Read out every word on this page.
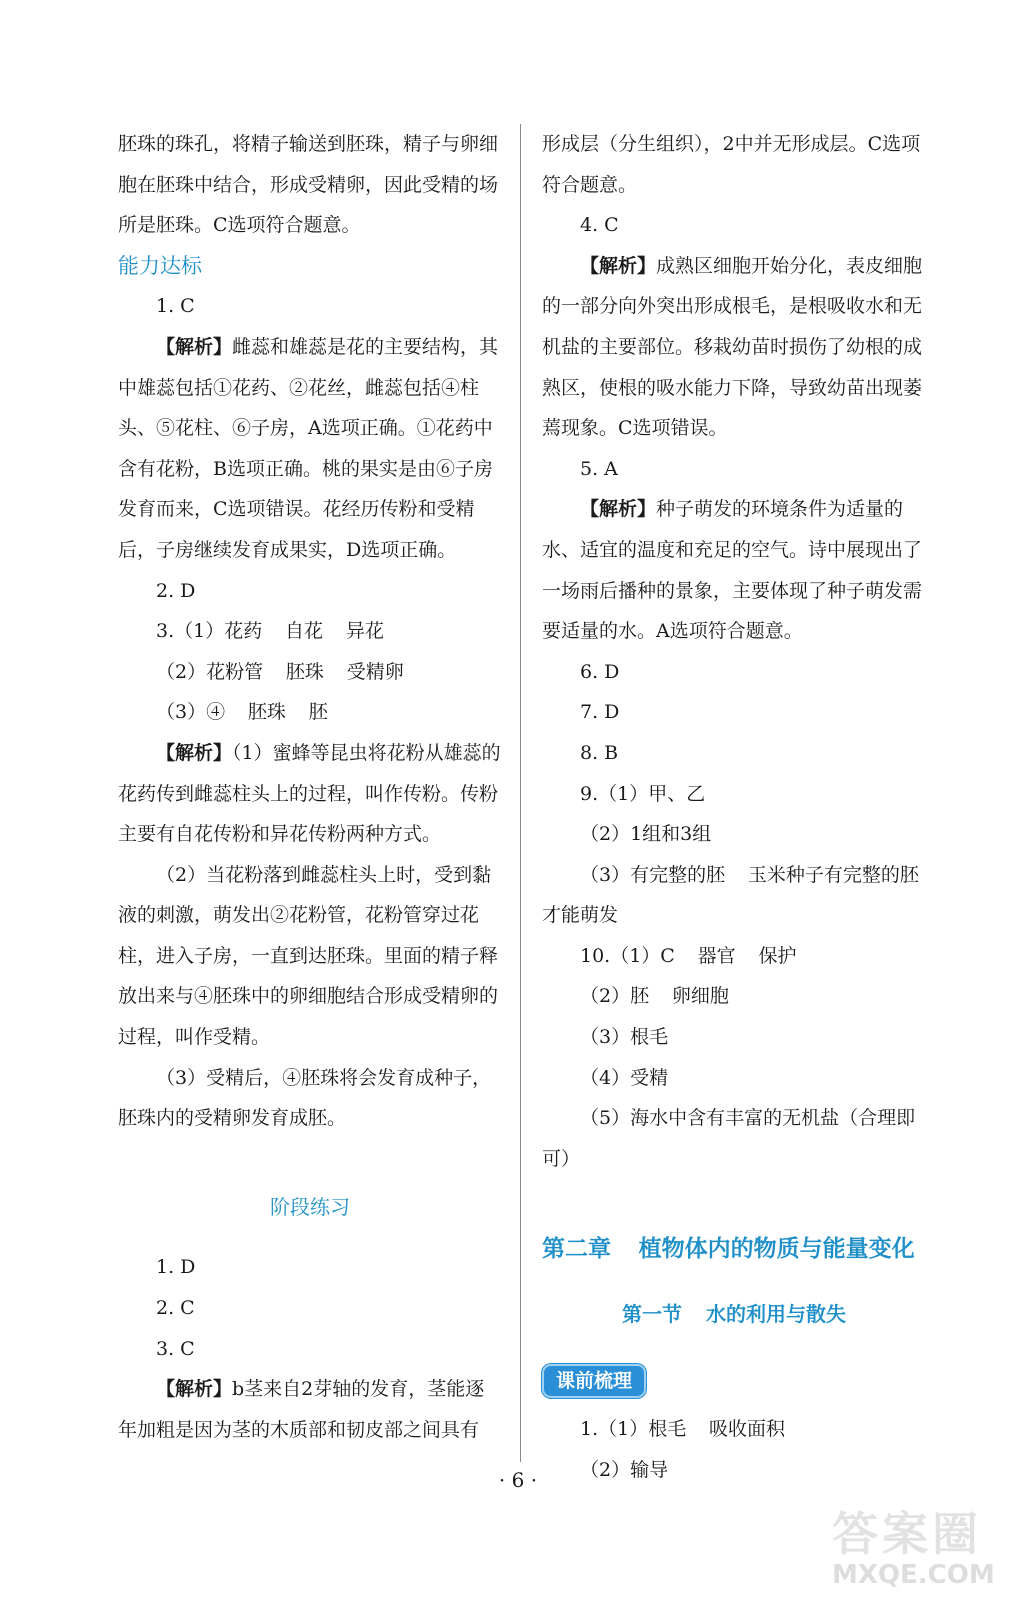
胚珠的珠孔，将精子输送到胚珠，精子与卵细胞在胚珠中结合，形成受精卵，因此受精的场所是胚珠。C选项符合题意。

能力达标

1. C

【解析】雌蕊和雄蕊是花的主要结构，其中雄蕊包括①花药、②花丝，雌蕊包括④柱头、⑤花柱、⑥子房，A选项正确。①花药中含有花粉，B选项正确。桃的果实是由⑥子房发育而来，C选项错误。花经历传粉和受精后，子房继续发育成果实，D选项正确。

2. D

3.（1）花药 自花 异花

（2）花粉管 胚珠 受精卵

（3）④ 胚珠 胚

【解析】（1）蜜蜂等昆虫将花粉从雄蕊的花药传到雌蕊柱头上的过程，叫作传粉。传粉主要有自花传粉和异花传粉两种方式。

（2）当花粉落到雌蕊柱头上时，受到黏液的刺激，萌发出②花粉管，花粉管穿过花柱，进入子房，一直到达胚珠。里面的精子释放出来与④胚珠中的卵细胞结合形成受精卵的过程，叫作受精。

（3）受精后，④胚珠将会发育成种子，胚珠内的受精卵发育成胚。

阶段练习

1. D

2. C

3. C

【解析】b茎来自2芽轴的发育，茎能逐年加粗是因为茎的木质部和韧皮部之间具有

形成层（分生组织），2中并无形成层。C选项符合题意。

4. C

【解析】成熟区细胞开始分化，表皮细胞的一部分向外突出形成根毛，是根吸收水和无机盐的主要部位。移栽幼苗时损伤了幼根的成熟区，使根的吸水能力下降，导致幼苗出现萎蔫现象。C选项错误。

5. A

【解析】种子萌发的环境条件为适量的水、适宜的温度和充足的空气。诗中展现出了一场雨后播种的景象，主要体现了种子萌发需要适量的水。A选项符合题意。

6. D

7. D

8. B

9.（1）甲、乙

（2）1组和3组

（3）有完整的胚 玉米种子有完整的胚才能萌发

10.（1）C 器官 保护

（2）胚 卵细胞

（3）根毛

（4）受精

（5）海水中含有丰富的无机盐（合理即可）

第二章 植物体内的物质与能量变化

第一节 水的利用与散失

课前梳理

1.（1）根毛 吸收面积

（2）输导

· 6 ·
答案圈
MXQE.COM
